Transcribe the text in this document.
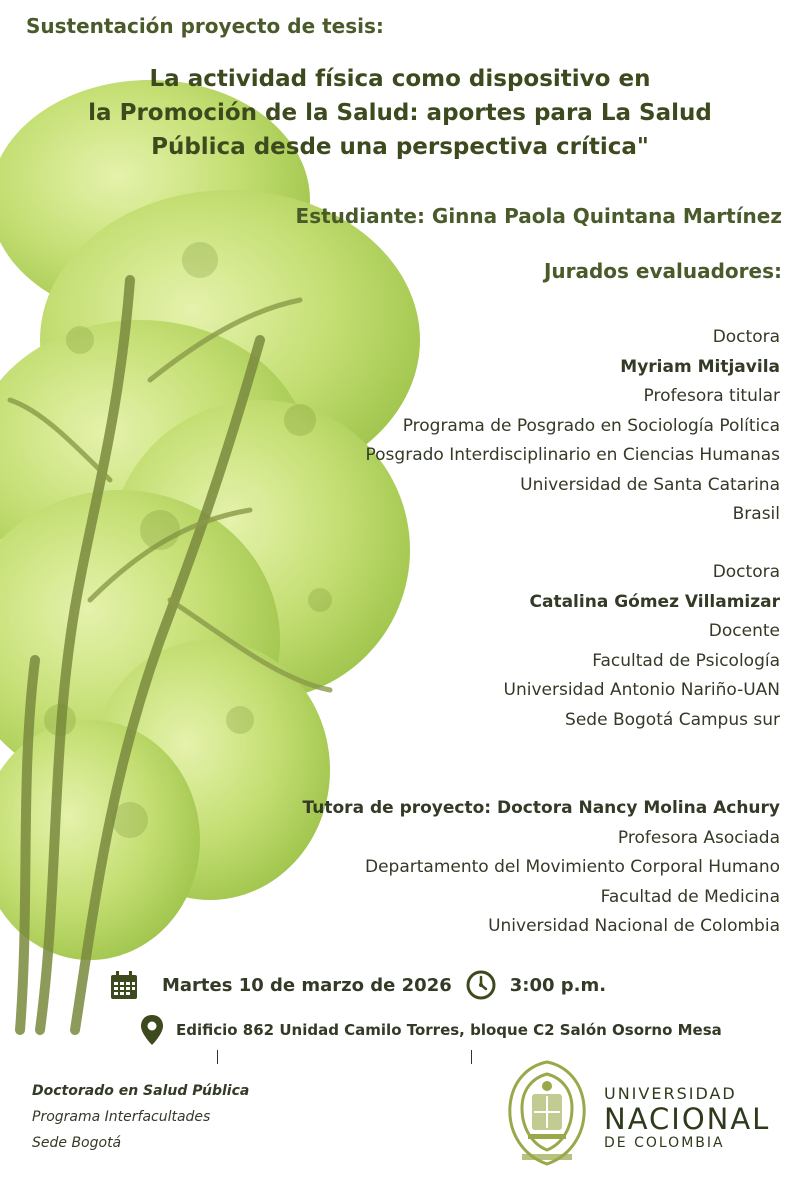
Sustentación proyecto de tesis:
La actividad física como dispositivo en
la Promoción de la Salud: aportes para La Salud
Pública desde una perspectiva crítica"
Estudiante: Ginna Paola Quintana Martínez
Jurados evaluadores:
Doctora
Myriam Mitjavila
Profesora titular
Programa de Posgrado en Sociología Política
Posgrado Interdisciplinario en Ciencias Humanas
Universidad de Santa Catarina
Brasil
Doctora
Catalina Gómez Villamizar
Docente
Facultad de Psicología
Universidad Antonio Nariño-UAN
Sede Bogotá Campus sur
Tutora de proyecto: Doctora Nancy Molina Achury
Profesora Asociada
Departamento del Movimiento Corporal Humano
Facultad de Medicina
Universidad Nacional de Colombia
Martes 10 de marzo de 2026	3:00 p.m.
Edificio 862 Unidad Camilo Torres, bloque C2 Salón Osorno Mesa
Doctorado en Salud Pública
Programa Interfacultades
Sede Bogotá
UNIVERSIDAD
NACIONAL
DE COLOMBIA
